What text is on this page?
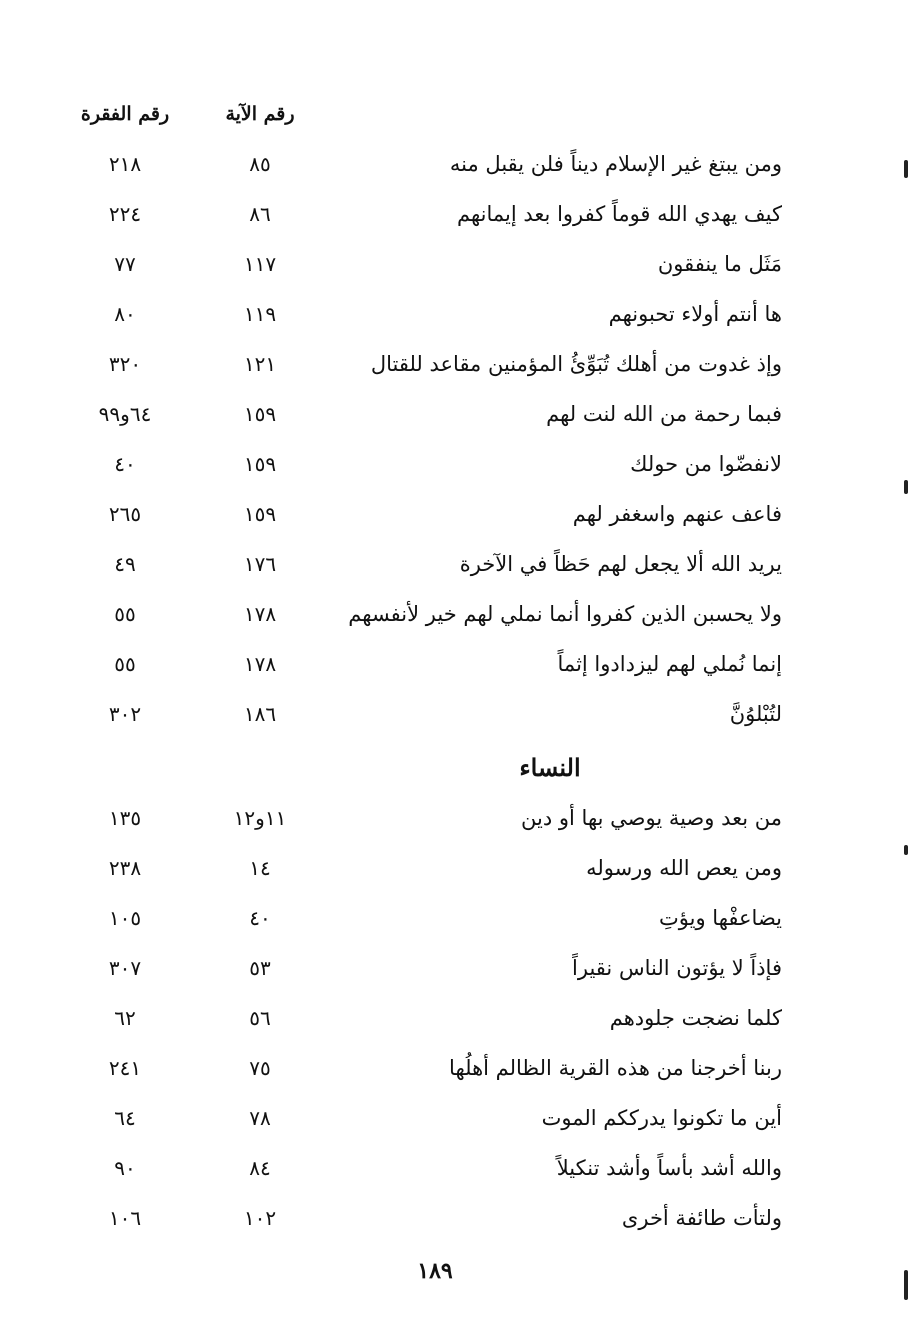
رقم الآية
رقم الفقرة
ومن يبتغ غير الإسلام ديناً فلن يقبل منه
٨٥
٢١٨
كيف يهدي الله قوماً كفروا بعد إيمانهم
٨٦
٢٢٤
مَثَل ما ينفقون
١١٧
٧٧
ها أنتم أولاء تحبونهم
١١٩
٨٠
وإذ غدوت من أهلك تُبَوِّئُ المؤمنين مقاعد للقتال
١٢١
٣٢٠
فبما رحمة من الله لنت لهم
١٥٩
٦٤و٩٩
لانفضّوا من حولك
١٥٩
٤٠
فاعف عنهم واسغفر لهم
١٥٩
٢٦٥
يريد الله ألا يجعل لهم حَظاً في الآخرة
١٧٦
٤٩
ولا يحسبن الذين كفروا أنما نملي لهم خير لأنفسهم
١٧٨
٥٥
إنما نُملي لهم ليزدادوا إثماً
١٧٨
٥٥
لتُبْلوُنَّ
١٨٦
٣٠٢
النساء
من بعد وصية يوصي بها أو دين
١١و١٢
١٣٥
ومن يعص الله ورسوله
١٤
٢٣٨
يضاعفْها ويؤتِ
٤٠
١٠٥
فإذاً لا يؤتون الناس نقيراً
٥٣
٣٠٧
كلما نضجت جلودهم
٥٦
٦٢
ربنا أخرجنا من هذه القرية الظالم أهلُها
٧٥
٢٤١
أين ما تكونوا يدرككم الموت
٧٨
٦٤
والله أشد بأساً وأشد تنكيلاً
٨٤
٩٠
ولتأت طائفة أخرى
١٠٢
١٠٦
١٨٩
